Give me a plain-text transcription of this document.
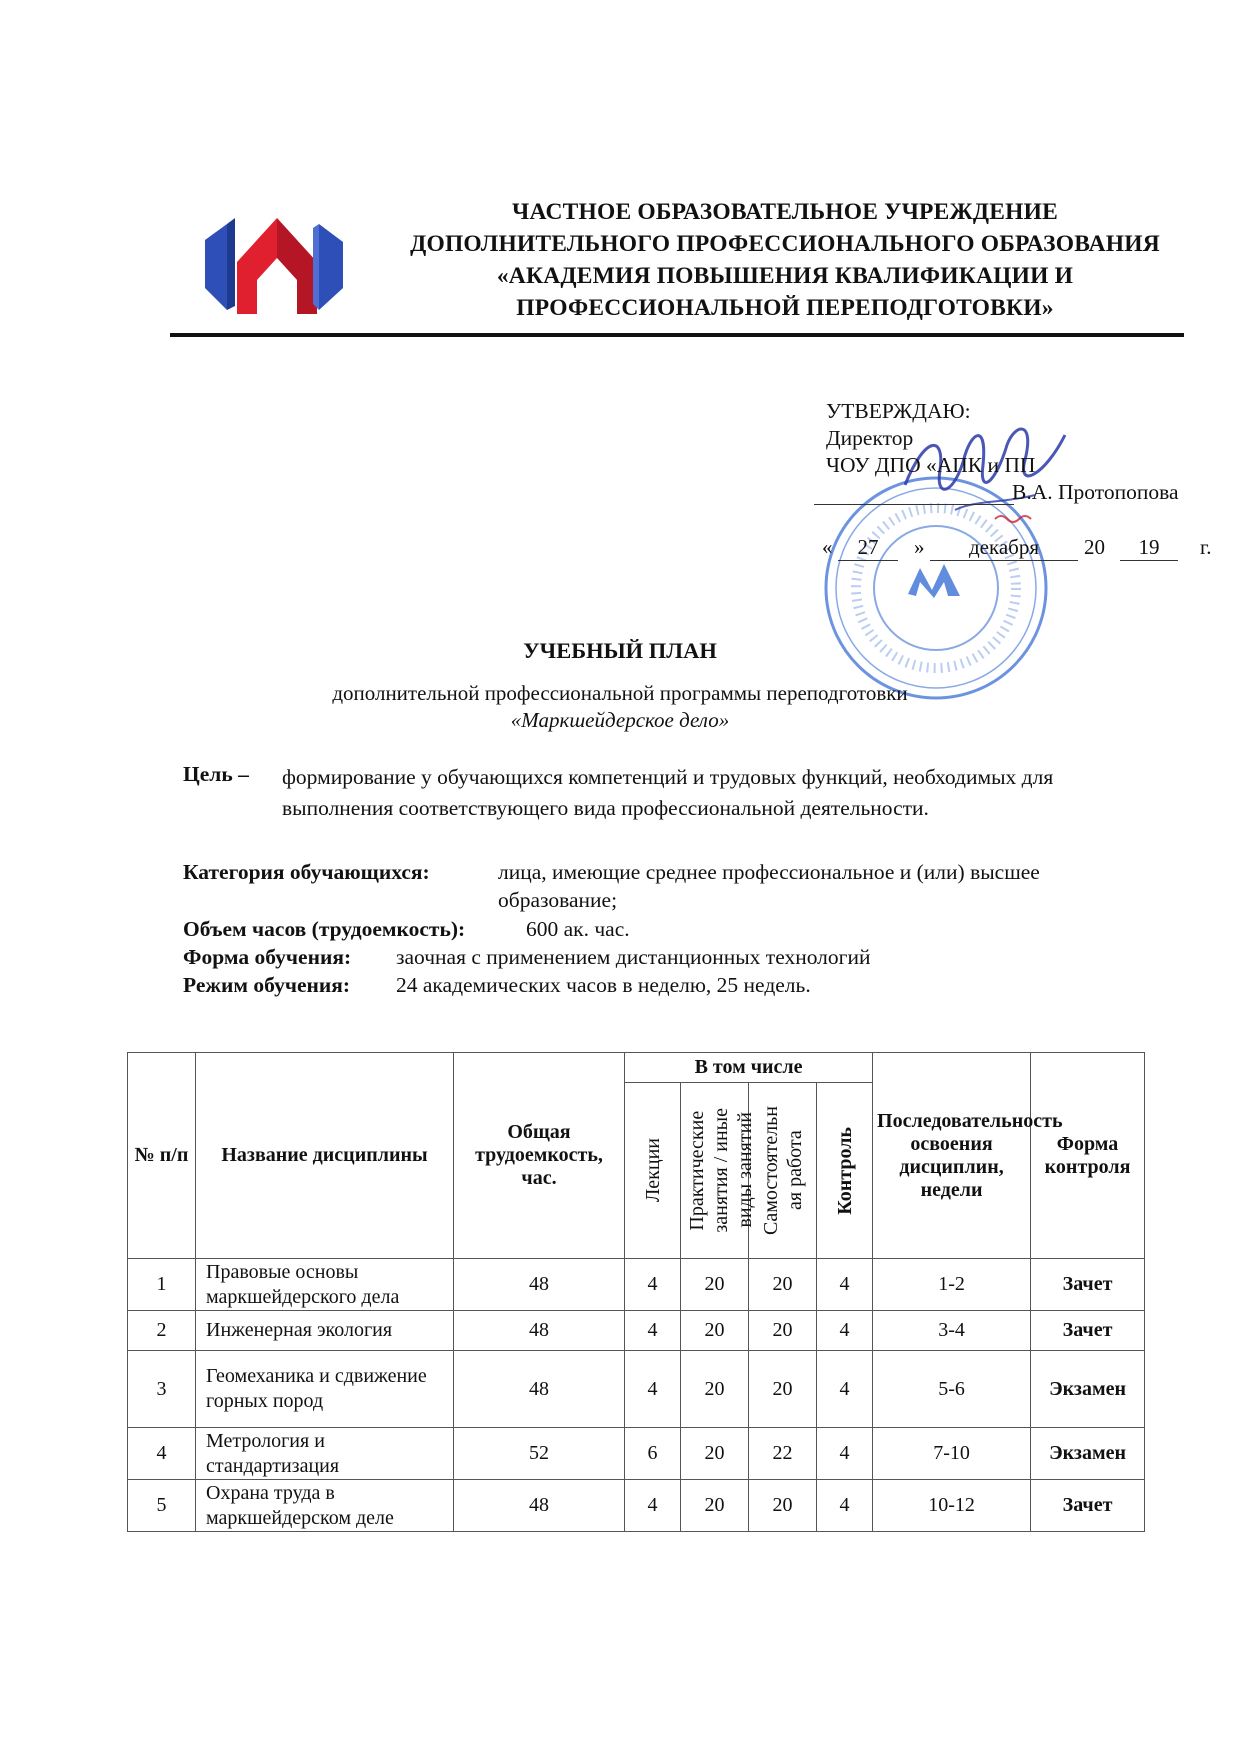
ЧАСТНОЕ ОБРАЗОВАТЕЛЬНОЕ УЧРЕЖДЕНИЕ
ДОПОЛНИТЕЛЬНОГО ПРОФЕССИОНАЛЬНОГО ОБРАЗОВАНИЯ
«АКАДЕМИЯ ПОВЫШЕНИЯ КВАЛИФИКАЦИИ И
ПРОФЕССИОНАЛЬНОЙ ПЕРЕПОДГОТОВКИ»
УТВЕРЖДАЮ:
Директор
ЧОУ ДПО «АПК и ПП
В.А. Протопопова
«	27	»	декабря	20	19	г.
УЧЕБНЫЙ ПЛАН
дополнительной профессиональной программы переподготовки
«Маркшейдерское дело»
Цель – формирование у обучающихся компетенций и трудовых функций, необходимых для выполнения соответствующего вида профессиональной деятельности.
Категория обучающихся:	лица, имеющие среднее профессиональное и (или) высшее
образование;
Объем часов (трудоемкость):	600 ак. час.
Форма обучения: заочная с применением дистанционных технологий
Режим обучения: 24 академических часов в неделю, 25 недель.
№ п/п	Название дисциплины	Общая трудоемкость, час.	В том числе				Последовательность освоения дисциплин, недели	Форма контроля

			Лекции	Практические занятия / иные виды занятий	Самостоятельн ая работа	Контроль		

1	Правовые основы маркшейдерского дела	48	4	20	20	4	1-2	Зачет
2	Инженерная экология	48	4	20	20	4	3-4	Зачет
3	Геомеханика и сдвижение горных пород	48	4	20	20	4	5-6	Экзамен
4	Метрология и стандартизация	52	6	20	22	4	7-10	Экзамен
5	Охрана труда в маркшейдерском деле	48	4	20	20	4	10-12	Зачет
